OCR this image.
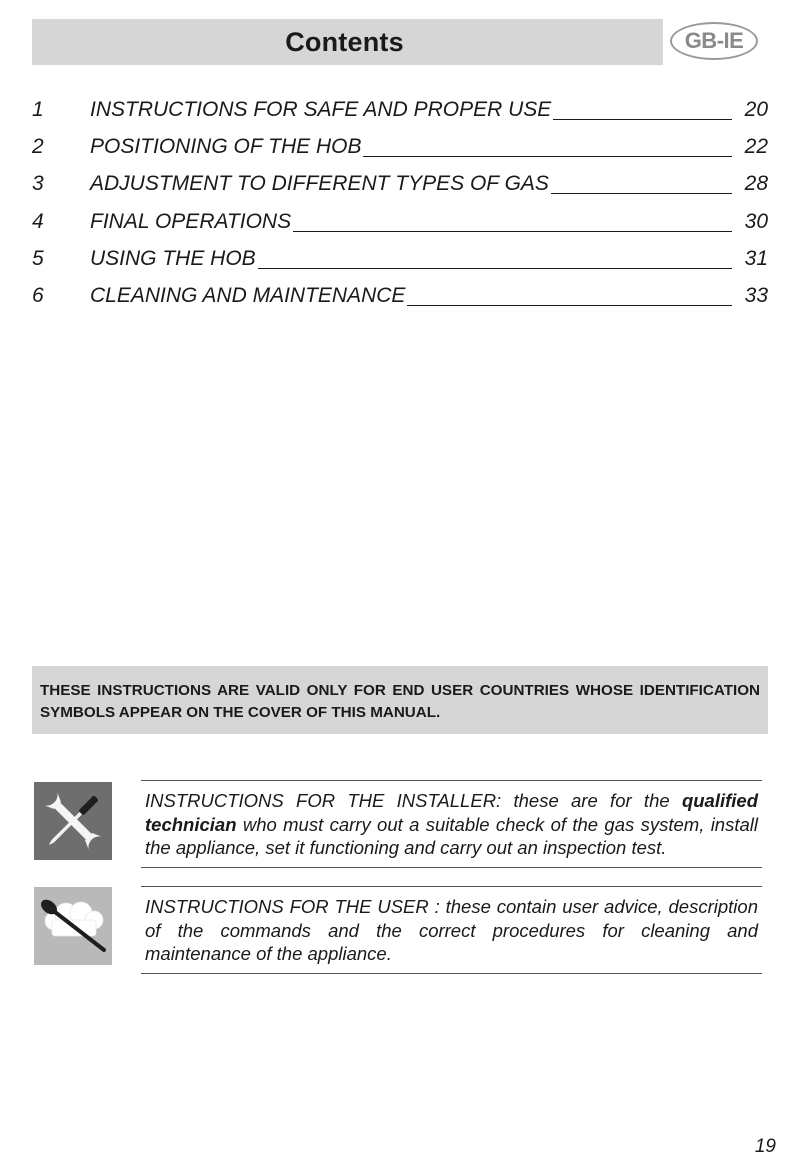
Contents	GB-IE
1 INSTRUCTIONS FOR SAFE AND PROPER USE	20
2 POSITIONING OF THE HOB	22
3 ADJUSTMENT TO DIFFERENT TYPES OF GAS	28
4 FINAL OPERATIONS	30
5 USING THE HOB	31
6 CLEANING AND MAINTENANCE	33
THESE INSTRUCTIONS ARE VALID ONLY FOR END USER COUNTRIES WHOSE IDENTIFICATION SYMBOLS APPEAR ON THE COVER OF THIS MANUAL.
INSTRUCTIONS FOR THE INSTALLER: these are for the qualified technician who must carry out a suitable check of the gas system, install the appliance, set it functioning and carry out an inspection test.
INSTRUCTIONS FOR THE USER : these contain user advice, description of the commands and the correct procedures for cleaning and maintenance of the appliance.
19
